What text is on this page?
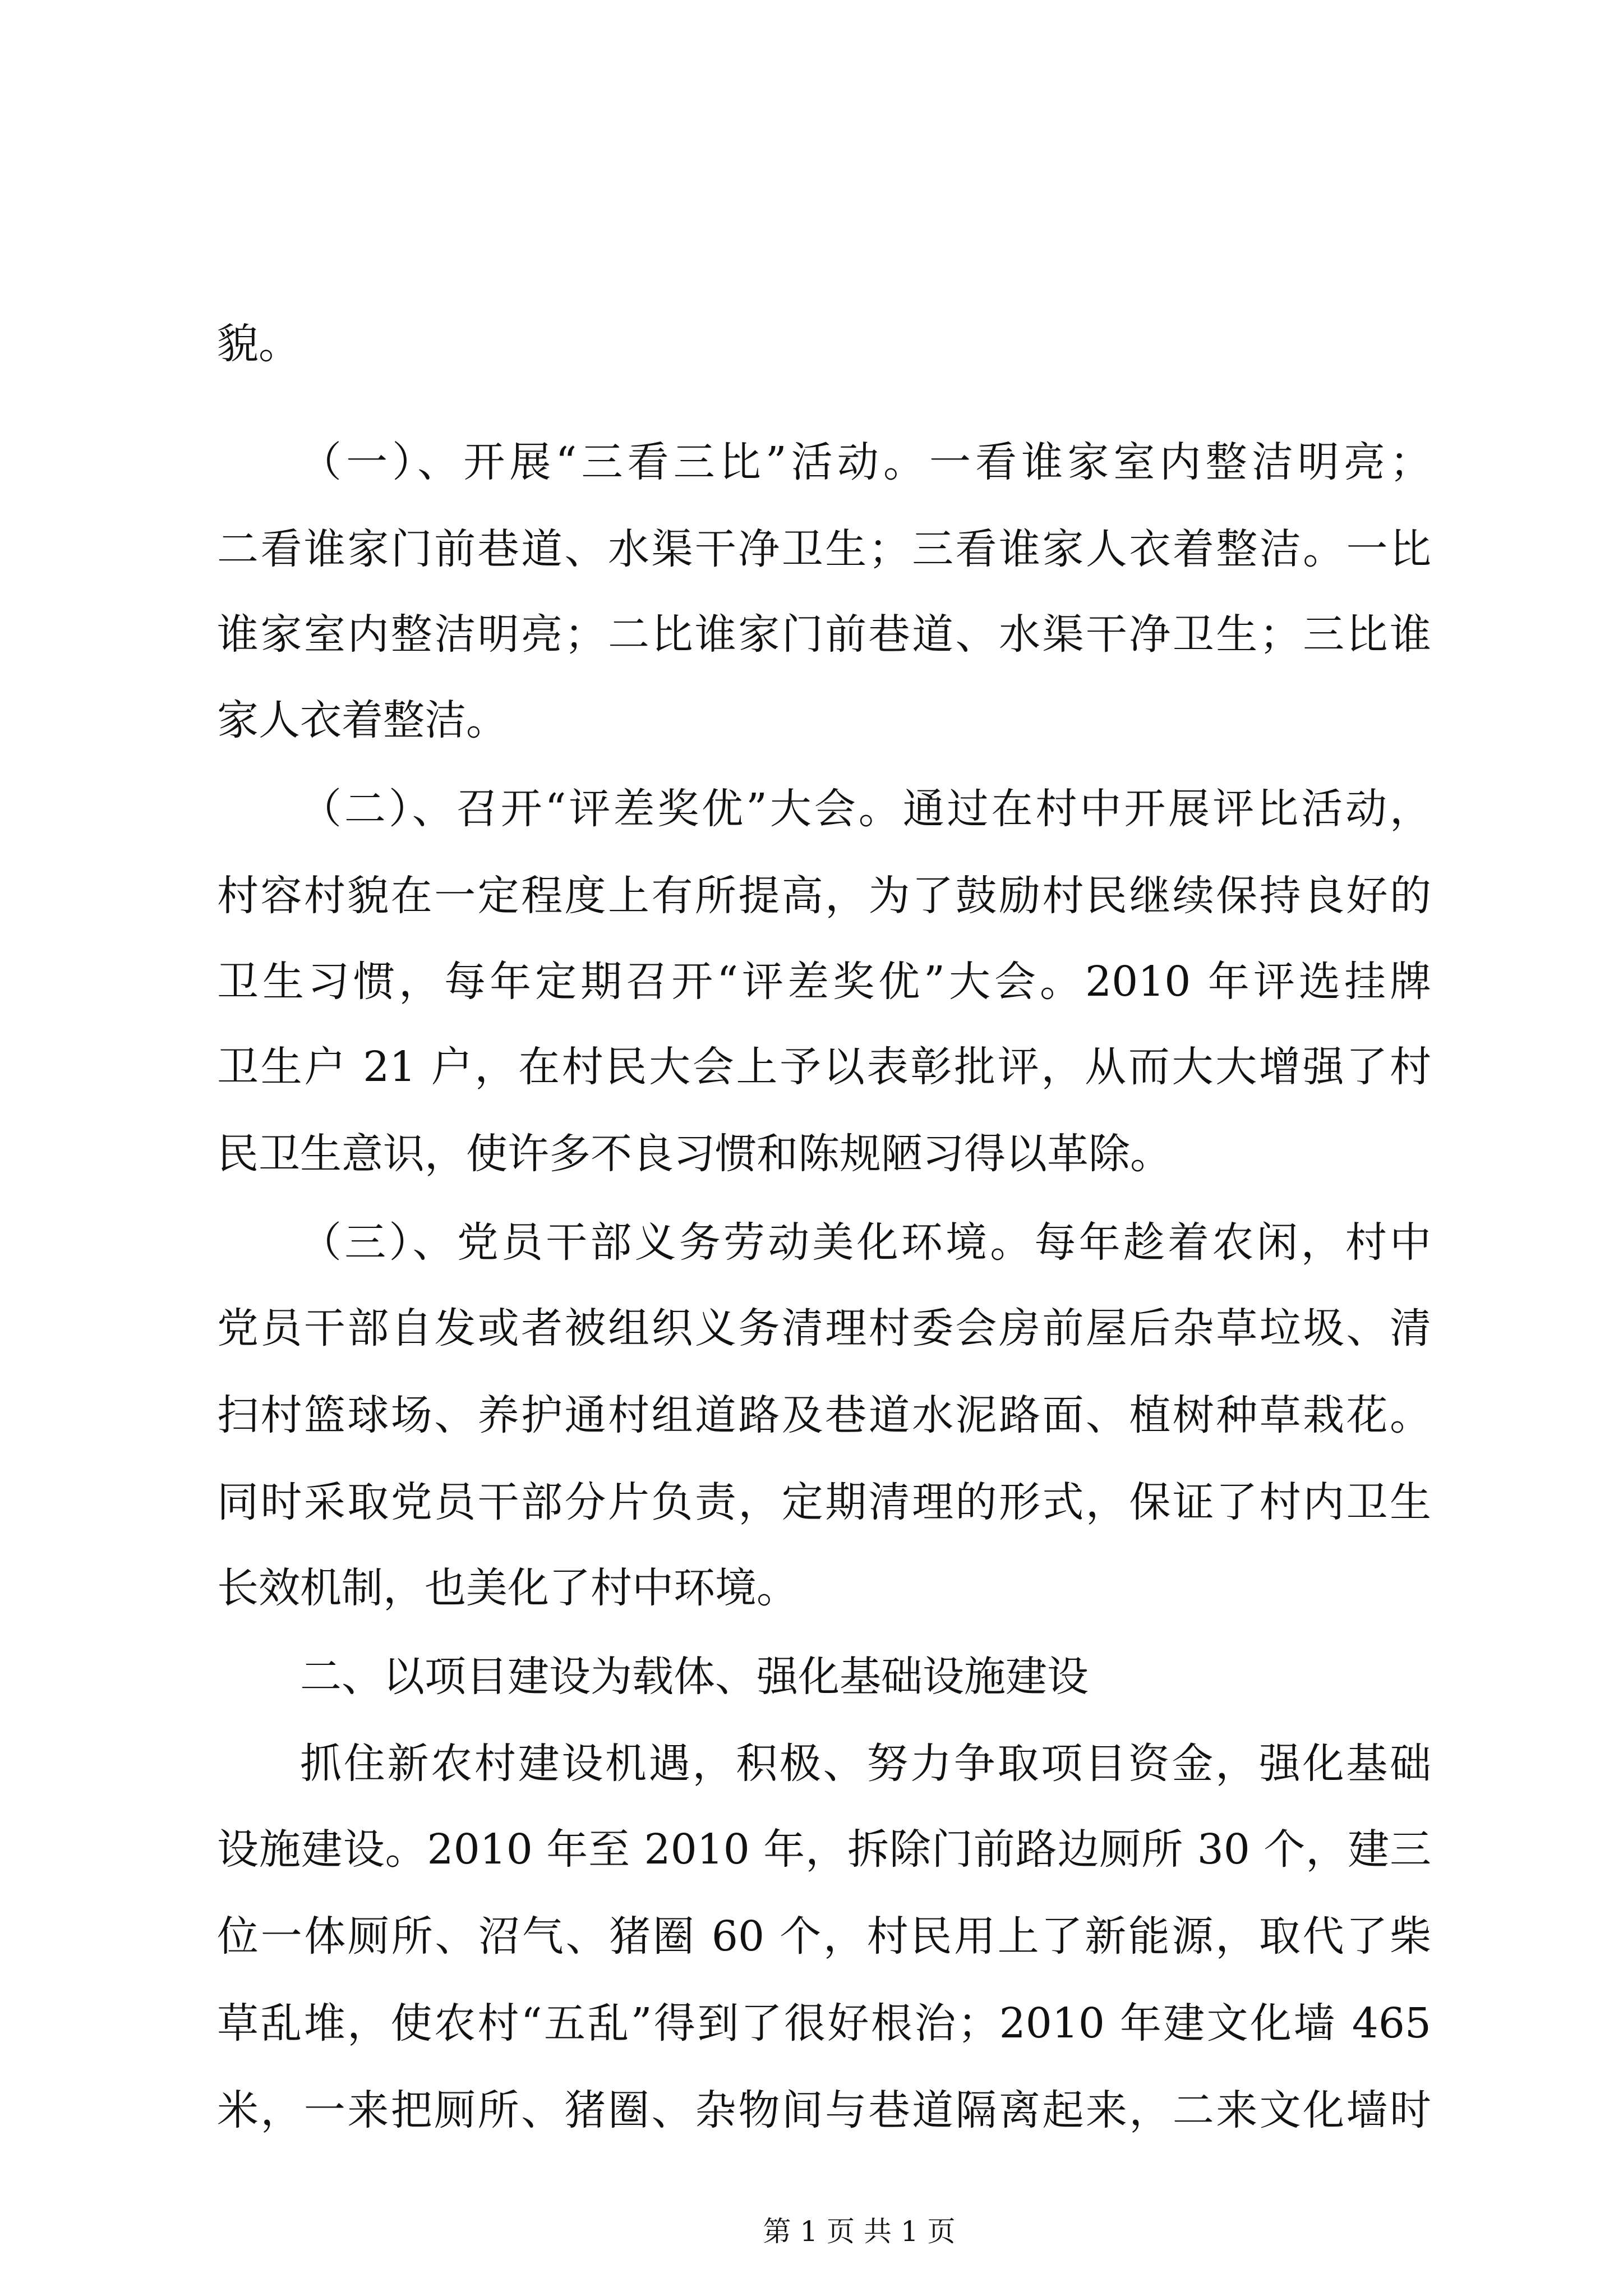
貌。
（一）、开展“三看三比”活动。一看谁家室内整洁明亮；
二看谁家门前巷道、水渠干净卫生；三看谁家人衣着整洁。一比
谁家室内整洁明亮；二比谁家门前巷道、水渠干净卫生；三比谁
家人衣着整洁。
（二）、召开“评差奖优”大会。通过在村中开展评比活动，
村容村貌在一定程度上有所提高，为了鼓励村民继续保持良好的
卫生习惯，每年定期召开“评差奖优”大会。2010 年评选挂牌
卫生户 21 户，在村民大会上予以表彰批评，从而大大增强了村
民卫生意识，使许多不良习惯和陈规陋习得以革除。
（三）、党员干部义务劳动美化环境。每年趁着农闲，村中
党员干部自发或者被组织义务清理村委会房前屋后杂草垃圾、清
扫村篮球场、养护通村组道路及巷道水泥路面、植树种草栽花。
同时采取党员干部分片负责，定期清理的形式，保证了村内卫生
长效机制，也美化了村中环境。
二、以项目建设为载体、强化基础设施建设
抓住新农村建设机遇，积极、努力争取项目资金，强化基础
设施建设。2010 年至 2010 年，拆除门前路边厕所 30 个，建三
位一体厕所、沼气、猪圈 60 个，村民用上了新能源，取代了柴
草乱堆，使农村“五乱”得到了很好根治；2010 年建文化墙 465
米，一来把厕所、猪圈、杂物间与巷道隔离起来，二来文化墙时
第 1 页 共 1 页
